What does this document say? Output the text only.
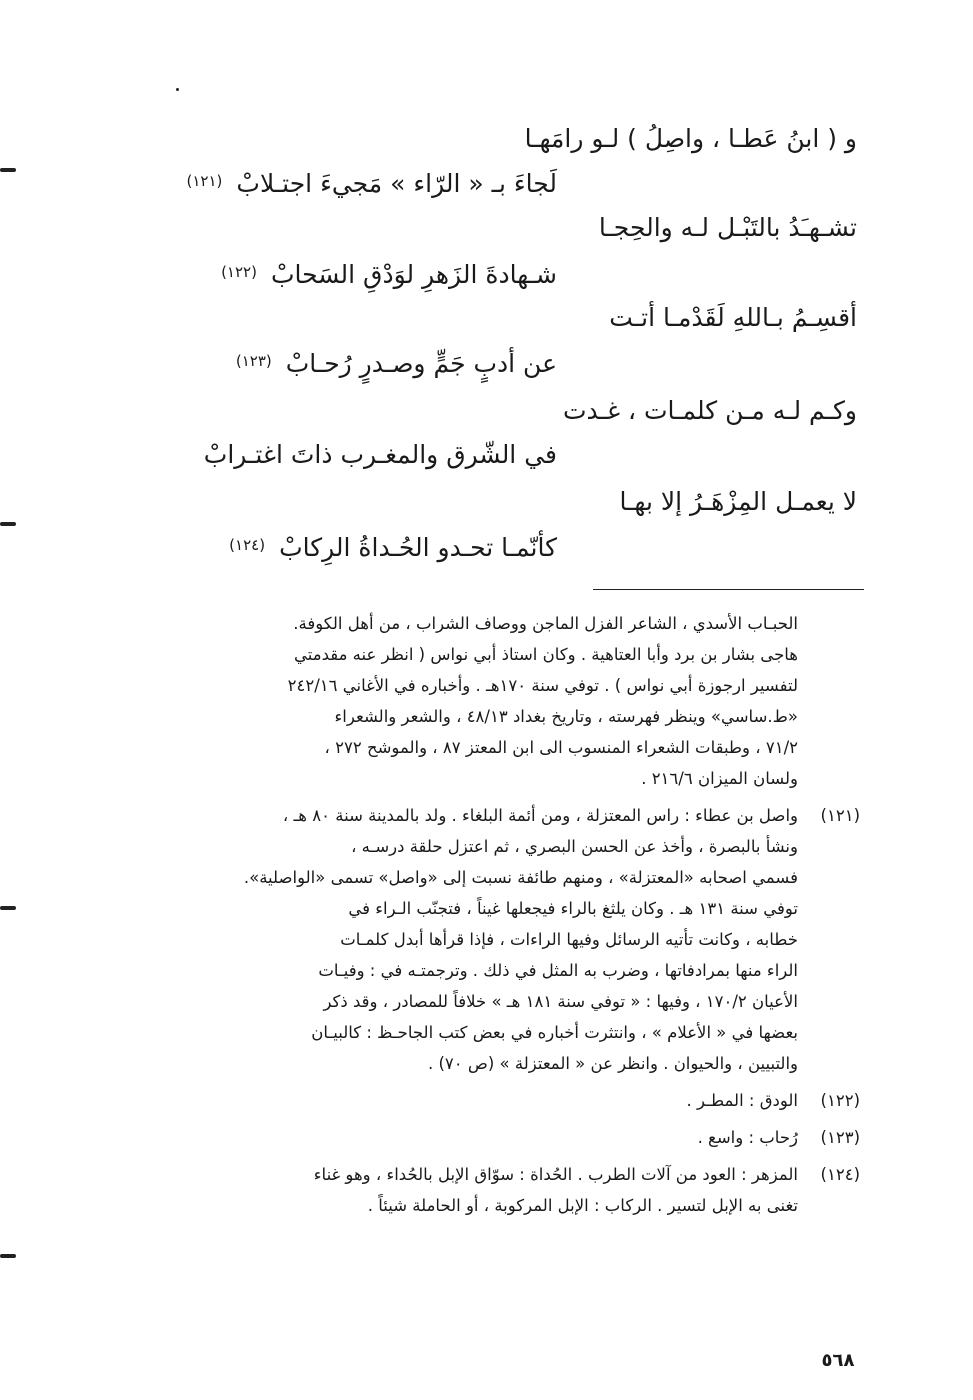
و ( ابنُ عَطـا ، واصِلُ ) لـو رامَهـا
لَجاءَ بـ « الرّاء » مَجيءَ اجتـلابْ$^{(١٢١)}$
تشـهـَدُ بالتَبْـل لـه والحِجـا
شـهادةَ الزَهرِ لوَدْقِ السَحابْ$^{(١٢٢)}$
أقسِـمُ بـاللهِ لَقَدْمـا أتـت
عن أدبٍ جَمٍّ وصـدرٍ رُحـابْ$^{(١٢٣)}$
وكـم لـه مـن كلمـات ، غـدت
في الشّرق والمغـرب ذاتَ اغتـرابْ
لا يعمـل المِزْهَـرُ إلا بهـا
كأنّمـا تحـدو الحُـداةُ الرِكابْ$^{(١٢٤)}$
الحبـاب الأسدي ، الشاعر الفزل الماجن ووصاف الشراب ، من أهل الكوفة.
هاجى بشار بن برد وأبا العتاهية . وكان استاذ أبي نواس ( انظر عنه مقدمتي
لتفسير ارجوزة أبي نواس ) . توفي سنة ١٧٠هـ . وأخباره في الأغاني ٢٤٢/١٦
«ط.ساسي» وينظر فهرسته ، وتاريخ بغداد ٤٨/١٣ ، والشعر والشعراء
٧١/٢ ، وطبقات الشعراء المنسوب الى ابن المعتز ٨٧ ، والموشح ٢٧٢ ،
ولسان الميزان ٢١٦/٦ .
(١٢١)
واصل بن عطاء : راس المعتزلة ، ومن أئمة البلغاء . ولد بالمدينة سنة ٨٠ هـ ،
ونشأ بالبصرة ، وأخذ عن الحسن البصري ، ثم اعتزل حلقة درسـه ،
فسمي اصحابه «المعتزلة» ، ومنهم طائفة نسبت إلى «واصل» تسمى «الواصلية».
توفي سنة ١٣١ هـ . وكان يلثغ بالراء فيجعلها غيناً ، فتجنّب الـراء في
خطابه ، وكانت تأتيه الرسائل وفيها الراءات ، فإذا قرأها أبدل كلمـات
الراء منها بمرادفاتها ، وضرب به المثل في ذلك . وترجمتـه في : وفيـات
الأعيان ١٧٠/٢ ، وفيها : « توفي سنة ١٨١ هـ » خلافاً للمصادر ، وقد ذكر
بعضها في « الأعلام » ، وانتثرت أخباره في بعض كتب الجاحـظ : كالبيـان
والتبيين ، والحيوان . وانظر عن « المعتزلة » (ص ٧٠) .
(١٢٢)
الودق : المطـر .
(١٢٣)
رُحاب : واسع .
(١٢٤)
المزهر : العود من آلات الطرب . الحُداة : سوّاق الإبل بالحُداء ، وهو غناء
تغنى به الإبل لتسير . الركاب : الإبل المركوبة ، أو الحاملة شيئاً .
٥٦٨
